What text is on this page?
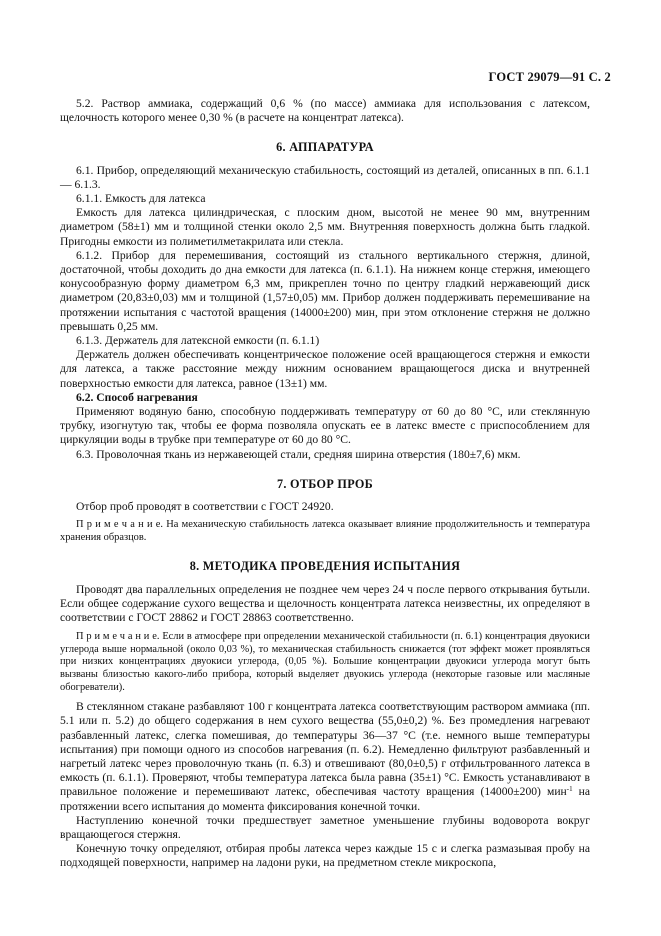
ГОСТ 29079—91 С. 2

5.2. Раствор аммиака, содержащий 0,6 % (по массе) аммиака для использования с латексом, щелочность которого менее 0,30 % (в расчете на концентрат латекса).

6. АППАРАТУРА

6.1. Прибор, определяющий механическую стабильность, состоящий из деталей, описанных в пп. 6.1.1 — 6.1.3.

6.1.1. Емкость для латекса

Емкость для латекса цилиндрическая, с плоским дном, высотой не менее 90 мм, внутренним диаметром (58±1) мм и толщиной стенки около 2,5 мм. Внутренняя поверхность должна быть гладкой. Пригодны емкости из полиметилметакрилата или стекла.

6.1.2. Прибор для перемешивания, состоящий из стального вертикального стержня, длиной, достаточной, чтобы доходить до дна емкости для латекса (п. 6.1.1). На нижнем конце стержня, имеющего конусообразную форму диаметром 6,3 мм, прикреплен точно по центру гладкий нержавеющий диск диаметром (20,83±0,03) мм и толщиной (1,57±0,05) мм. Прибор должен поддерживать перемешивание на протяжении испытания с частотой вращения (14000±200) мин, при этом отклонение стержня не должно превышать 0,25 мм.

6.1.3. Держатель для латексной емкости (п. 6.1.1)

Держатель должен обеспечивать концентрическое положение осей вращающегося стержня и емкости для латекса, а также расстояние между нижним основанием вращающегося диска и внутренней поверхностью емкости для латекса, равное (13±1) мм.

6.2. Способ нагревания

Применяют водяную баню, способную поддерживать температуру от 60 до 80 °С, или стеклянную трубку, изогнутую так, чтобы ее форма позволяла опускать ее в латекс вместе с приспособлением для циркуляции воды в трубке при температуре от 60 до 80 °С.

6.3. Проволочная ткань из нержавеющей стали, средняя ширина отверстия (180±7,6) мкм.

7. ОТБОР ПРОБ

Отбор проб проводят в соответствии с ГОСТ 24920.

П р и м е ч а н и е. На механическую стабильность латекса оказывает влияние продолжительность и температура хранения образцов.

8. МЕТОДИКА ПРОВЕДЕНИЯ ИСПЫТАНИЯ

Проводят два параллельных определения не позднее чем через 24 ч после первого открывания бутыли. Если общее содержание сухого вещества и щелочность концентрата латекса неизвестны, их определяют в соответствии с ГОСТ 28862 и ГОСТ 28863 соответственно.

П р и м е ч а н и е. Если в атмосфере при определении механической стабильности (п. 6.1) концентрация двуокиси углерода выше нормальной (около 0,03 %), то механическая стабильность снижается (тот эффект может проявляться при низких концентрациях двуокиси углерода, (0,05 %). Большие концентрации двуокиси углерода могут быть вызваны близостью какого-либо прибора, который выделяет двуокись углерода (некоторые газовые или масляные обогреватели).

В стеклянном стакане разбавляют 100 г концентрата латекса соответствующим раствором аммиака (пп. 5.1 или п. 5.2) до общего содержания в нем сухого вещества (55,0±0,2) %. Без промедления нагревают разбавленный латекс, слегка помешивая, до температуры 36—37 °С (т.е. немного выше температуры испытания) при помощи одного из способов нагревания (п. 6.2). Немедленно фильтруют разбавленный и нагретый латекс через проволочную ткань (п. 6.3) и отвешивают (80,0±0,5) г отфильтрованного латекса в емкость (п. 6.1.1). Проверяют, чтобы температура латекса была равна (35±1) °С. Емкость устанавливают в правильное положение и перемешивают латекс, обеспечивая частоту вращения (14000±200) мин$^{-1}$ на протяжении всего испытания до момента фиксирования конечной точки.

Наступлению конечной точки предшествует заметное уменьшение глубины водоворота вокруг вращающегося стержня.

Конечную точку определяют, отбирая пробы латекса через каждые 15 с и слегка размазывая пробу на подходящей поверхности, например на ладони руки, на предметном стекле микроскопа,
